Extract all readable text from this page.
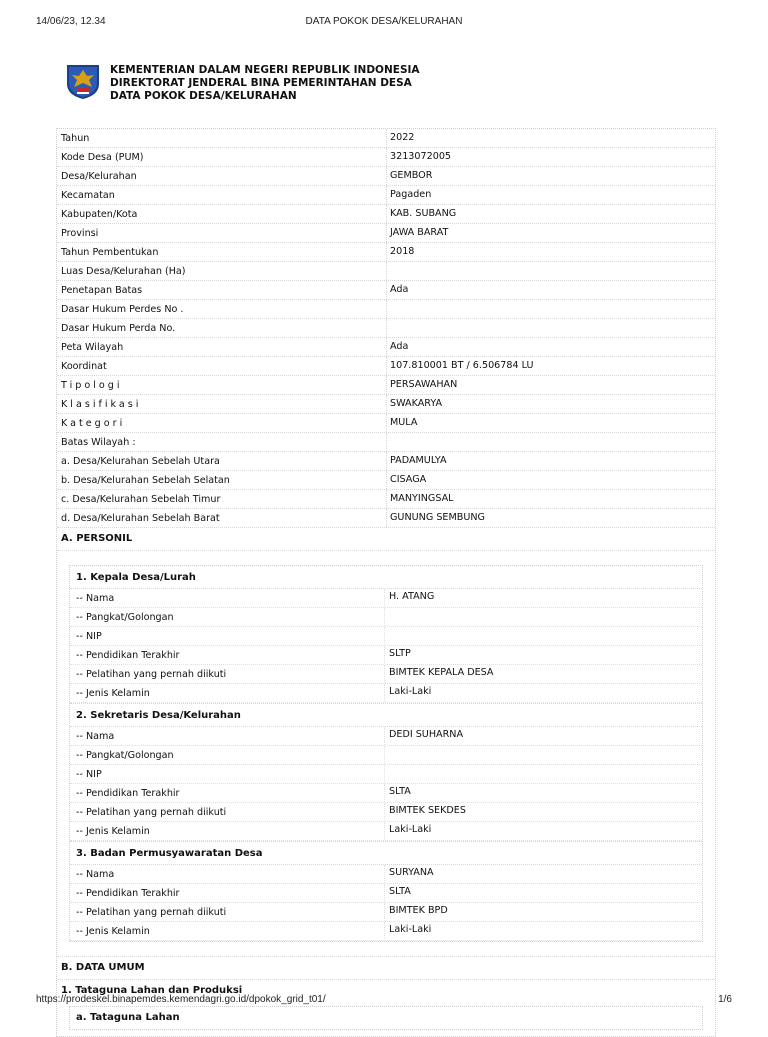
14/06/23, 12.34	DATA POKOK DESA/KELURAHAN
KEMENTERIAN DALAM NEGERI REPUBLIK INDONESIA
DIREKTORAT JENDERAL BINA PEMERINTAHAN DESA
DATA POKOK DESA/KELURAHAN
Tahun	2022
Kode Desa (PUM)	3213072005
Desa/Kelurahan	GEMBOR
Kecamatan	Pagaden
Kabupaten/Kota	KAB. SUBANG
Provinsi	JAWA BARAT
Tahun Pembentukan	2018
Luas Desa/Kelurahan (Ha)
Penetapan Batas	Ada
Dasar Hukum Perdes No .
Dasar Hukum Perda No.
Peta Wilayah	Ada
Koordinat	107.810001 BT / 6.506784 LU
Tipologi	PERSAWAHAN
Klasifikasi	SWAKARYA
Kategori	MULA
Batas Wilayah :
a. Desa/Kelurahan Sebelah Utara	PADAMULYA
b. Desa/Kelurahan Sebelah Selatan	CISAGA
c. Desa/Kelurahan Sebelah Timur	MANYINGSAL
d. Desa/Kelurahan Sebelah Barat	GUNUNG SEMBUNG
A. PERSONIL
1. Kepala Desa/Lurah
-- Nama	H. ATANG
-- Pangkat/Golongan
-- NIP
-- Pendidikan Terakhir	SLTP
-- Pelatihan yang pernah diikuti	BIMTEK KEPALA DESA
-- Jenis Kelamin	Laki-Laki
2. Sekretaris Desa/Kelurahan
-- Nama	DEDI SUHARNA
-- Pangkat/Golongan
-- NIP
-- Pendidikan Terakhir	SLTA
-- Pelatihan yang pernah diikuti	BIMTEK SEKDES
-- Jenis Kelamin	Laki-Laki
3. Badan Permusyawaratan Desa
-- Nama	SURYANA
-- Pendidikan Terakhir	SLTA
-- Pelatihan yang pernah diikuti	BIMTEK BPD
-- Jenis Kelamin	Laki-Laki
B. DATA UMUM
1. Tataguna Lahan dan Produksi
a. Tataguna Lahan
https://prodeskel.binapemdes.kemendagri.go.id/dpokok_grid_t01/	1/6
